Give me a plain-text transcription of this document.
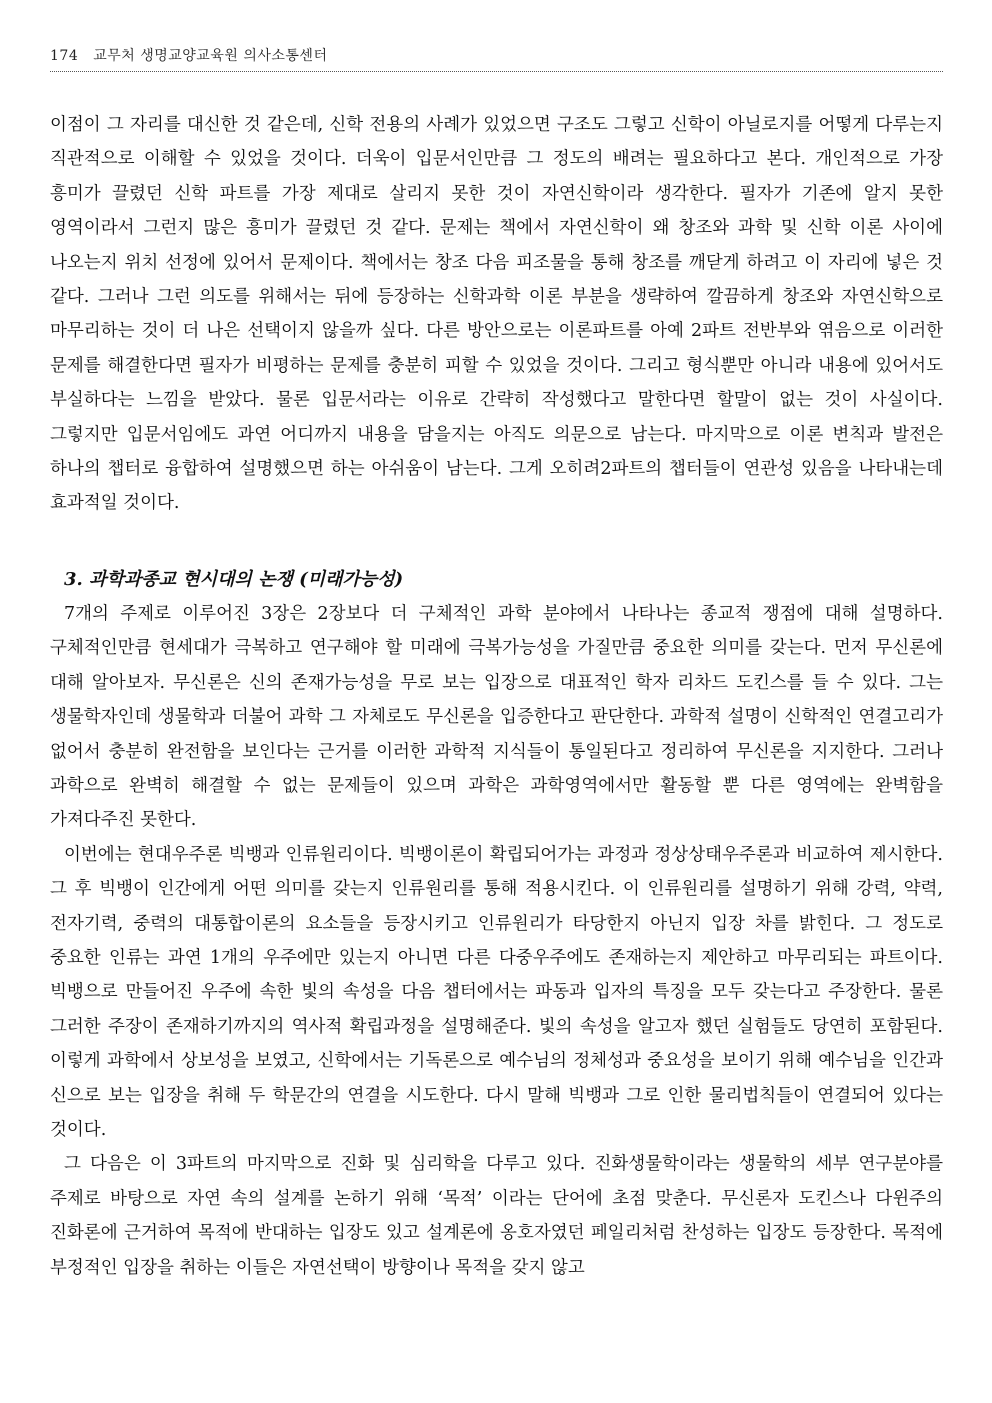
174 교무처 생명교양교육원 의사소통센터

이점이 그 자리를 대신한 것 같은데, 신학 전용의 사례가 있었으면 구조도 그렇고 신학이 아닐로지를 어떻게 다루는지 직관적으로 이해할 수 있었을 것이다. 더욱이 입문서인만큼 그 정도의 배려는 필요하다고 본다. 개인적으로 가장 흥미가 끌렸던 신학 파트를 가장 제대로 살리지 못한 것이 자연신학이라 생각한다. 필자가 기존에 알지 못한 영역이라서 그런지 많은 흥미가 끌렸던 것 같다. 문제는 책에서 자연신학이 왜 창조와 과학 및 신학 이론 사이에 나오는지 위치 선정에 있어서 문제이다. 책에서는 창조 다음 피조물을 통해 창조를 깨닫게 하려고 이 자리에 넣은 것 같다. 그러나 그런 의도를 위해서는 뒤에 등장하는 신학과학 이론 부분을 생략하여 깔끔하게 창조와 자연신학으로 마무리하는 것이 더 나은 선택이지 않을까 싶다. 다른 방안으로는 이론파트를 아예 2파트 전반부와 엮음으로 이러한 문제를 해결한다면 필자가 비평하는 문제를 충분히 피할 수 있었을 것이다. 그리고 형식뿐만 아니라 내용에 있어서도 부실하다는 느낌을 받았다. 물론 입문서라는 이유로 간략히 작성했다고 말한다면 할말이 없는 것이 사실이다. 그렇지만 입문서임에도 과연 어디까지 내용을 담을지는 아직도 의문으로 남는다. 마지막으로 이론 변칙과 발전은 하나의 챕터로 융합하여 설명했으면 하는 아쉬움이 남는다. 그게 오히려2파트의 챕터들이 연관성 있음을 나타내는데 효과적일 것이다.

3. 과학과종교 현시대의 논쟁 (미래가능성)

7개의 주제로 이루어진 3장은 2장보다 더 구체적인 과학 분야에서 나타나는 종교적 쟁점에 대해 설명하다. 구체적인만큼 현세대가 극복하고 연구해야 할 미래에 극복가능성을 가질만큼 중요한 의미를 갖는다. 먼저 무신론에 대해 알아보자. 무신론은 신의 존재가능성을 무로 보는 입장으로 대표적인 학자 리차드 도킨스를 들 수 있다. 그는 생물학자인데 생물학과 더불어 과학 그 자체로도 무신론을 입증한다고 판단한다. 과학적 설명이 신학적인 연결고리가 없어서 충분히 완전함을 보인다는 근거를 이러한 과학적 지식들이 통일된다고 정리하여 무신론을 지지한다. 그러나 과학으로 완벽히 해결할 수 없는 문제들이 있으며 과학은 과학영역에서만 활동할 뿐 다른 영역에는 완벽함을 가져다주진 못한다.

이번에는 현대우주론 빅뱅과 인류원리이다. 빅뱅이론이 확립되어가는 과정과 정상상태우주론과 비교하여 제시한다. 그 후 빅뱅이 인간에게 어떤 의미를 갖는지 인류원리를 통해 적용시킨다. 이 인류원리를 설명하기 위해 강력, 약력, 전자기력, 중력의 대통합이론의 요소들을 등장시키고 인류원리가 타당한지 아닌지 입장 차를 밝힌다. 그 정도로 중요한 인류는 과연 1개의 우주에만 있는지 아니면 다른 다중우주에도 존재하는지 제안하고 마무리되는 파트이다. 빅뱅으로 만들어진 우주에 속한 빛의 속성을 다음 챕터에서는 파동과 입자의 특징을 모두 갖는다고 주장한다. 물론 그러한 주장이 존재하기까지의 역사적 확립과정을 설명해준다. 빛의 속성을 알고자 했던 실험들도 당연히 포함된다. 이렇게 과학에서 상보성을 보였고, 신학에서는 기독론으로 예수님의 정체성과 중요성을 보이기 위해 예수님을 인간과 신으로 보는 입장을 취해 두 학문간의 연결을 시도한다. 다시 말해 빅뱅과 그로 인한 물리법칙들이 연결되어 있다는 것이다.

그 다음은 이 3파트의 마지막으로 진화 및 심리학을 다루고 있다. 진화생물학이라는 생물학의 세부 연구분야를 주제로 바탕으로 자연 속의 설계를 논하기 위해 ‘목적’ 이라는 단어에 초점 맞춘다. 무신론자 도킨스나 다윈주의 진화론에 근거하여 목적에 반대하는 입장도 있고 설계론에 옹호자였던 페일리처럼 찬성하는 입장도 등장한다. 목적에 부정적인 입장을 취하는 이들은 자연선택이 방향이나 목적을 갖지 않고
